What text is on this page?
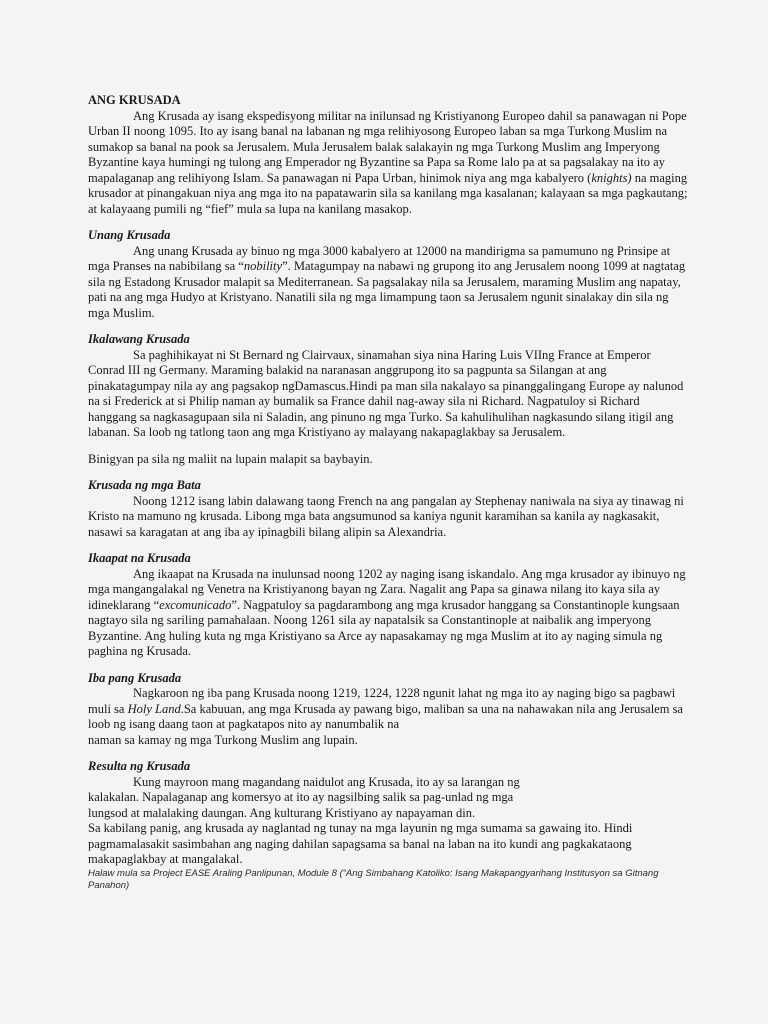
ANG KRUSADA

Ang Krusada ay isang ekspedisyong militar na inilunsad ng Kristiyanong Europeo dahil sa panawagan ni Pope Urban II noong 1095. Ito ay isang banal na labanan ng mga relihiyosong Europeo laban sa mga Turkong Muslim na sumakop sa banal na pook sa Jerusalem. Mula Jerusalem balak salakayin ng mga Turkong Muslim ang Imperyong Byzantine kaya humingi ng tulong ang Emperador ng Byzantine sa Papa sa Rome lalo pa at sa pagsalakay na ito ay mapalaganap ang relihiyong Islam. Sa panawagan ni Papa Urban, hinimok niya ang mga kabalyero (knights) na maging krusador at pinangakuan niya ang mga ito na papatawarin sila sa kanilang mga kasalanan; kalayaan sa mga pagkautang; at kalayaang pumili ng “fief” mula sa lupa na kanilang masakop.

Unang Krusada

Ang unang Krusada ay binuo ng mga 3000 kabalyero at 12000 na mandirigma sa pamumuno ng Prinsipe at mga Pranses na nabibilang sa “nobility”. Matagumpay na nabawi ng grupong ito ang Jerusalem noong 1099 at nagtatag sila ng Estadong Krusador malapit sa Mediterranean. Sa pagsalakay nila sa Jerusalem, maraming Muslim ang napatay, pati na ang mga Hudyo at Kristyano. Nanatili sila ng mga limampung taon sa Jerusalem ngunit sinalakay din sila ng mga Muslim.

Ikalawang Krusada

Sa paghihikayat ni St Bernard ng Clairvaux, sinamahan siya nina Haring Luis VIIng France at Emperor Conrad III ng Germany. Maraming balakid na naranasan anggrupong ito sa pagpunta sa Silangan at ang pinakatagumpay nila ay ang pagsakop ngDamascus.Hindi pa man sila nakalayo sa pinanggalingang Europe ay nalunod na si Frederick at si Philip naman ay bumalik sa France dahil nag-away sila ni Richard. Nagpatuloy si Richard hanggang sa nagkasagupaan sila ni Saladin, ang pinuno ng mga Turko. Sa kahulihulihan nagkasundo silang itigil ang labanan. Sa loob ng tatlong taon ang mga Kristiyano ay malayang nakapaglakbay sa Jerusalem.

Binigyan pa sila ng maliit na lupain malapit sa baybayin.

Krusada ng mga Bata

Noong 1212 isang labin dalawang taong French na ang pangalan ay Stephenay naniwala na siya ay tinawag ni Kristo na mamuno ng krusada. Libong mga bata angsumunod sa kaniya ngunit karamihan sa kanila ay nagkasakit, nasawi sa karagatan at ang iba ay ipinagbili bilang alipin sa Alexandria.

Ikaapat na Krusada

Ang ikaapat na Krusada na inulunsad noong 1202 ay naging isang iskandalo. Ang mga krusador ay ibinuyo ng mga mangangalakal ng Venetra na Kristiyanong bayan ng Zara. Nagalit ang Papa sa ginawa nilang ito kaya sila ay idineklarang “excomunicado”. Nagpatuloy sa pagdarambong ang mga krusador hanggang sa Constantinople kungsaan nagtayo sila ng sariling pamahalaan. Noong 1261 sila ay napatalsik sa Constantinople at naibalik ang imperyong Byzantine. Ang huling kuta ng mga Kristiyano sa Arce ay napasakamay ng mga Muslim at ito ay naging simula ng paghina ng Krusada.

Iba pang Krusada

Nagkaroon ng iba pang Krusada noong 1219, 1224, 1228 ngunit lahat ng mga ito ay naging bigo sa pagbawi muli sa Holy Land.Sa kabuuan, ang mga Krusada ay pawang bigo, maliban sa una na nahawakan nila ang Jerusalem sa loob ng isang daang taon at pagkatapos nito ay nanumbalik na

naman sa kamay ng mga Turkong Muslim ang lupain.

Resulta ng Krusada

Kung mayroon mang magandang naidulot ang Krusada, ito ay sa larangan ng

kalakalan. Napalaganap ang komersyo at ito ay nagsilbing salik sa pag-unlad ng mga

lungsod at malalaking daungan. Ang kulturang Kristiyano ay napayaman din.

Sa kabilang panig, ang krusada ay naglantad ng tunay na mga layunin ng mga sumama sa gawaing ito. Hindi pagmamalasakit sasimbahan ang naging dahilan sapagsama sa banal na laban na ito kundi ang pagkakataong makapaglakbay at mangalakal.

Halaw mula sa Project EASE Araling Panlipunan, Module 8 (“Ang Simbahang Katoliko: Isang Makapangyarihang Institusyon sa Gitnang Panahon)
